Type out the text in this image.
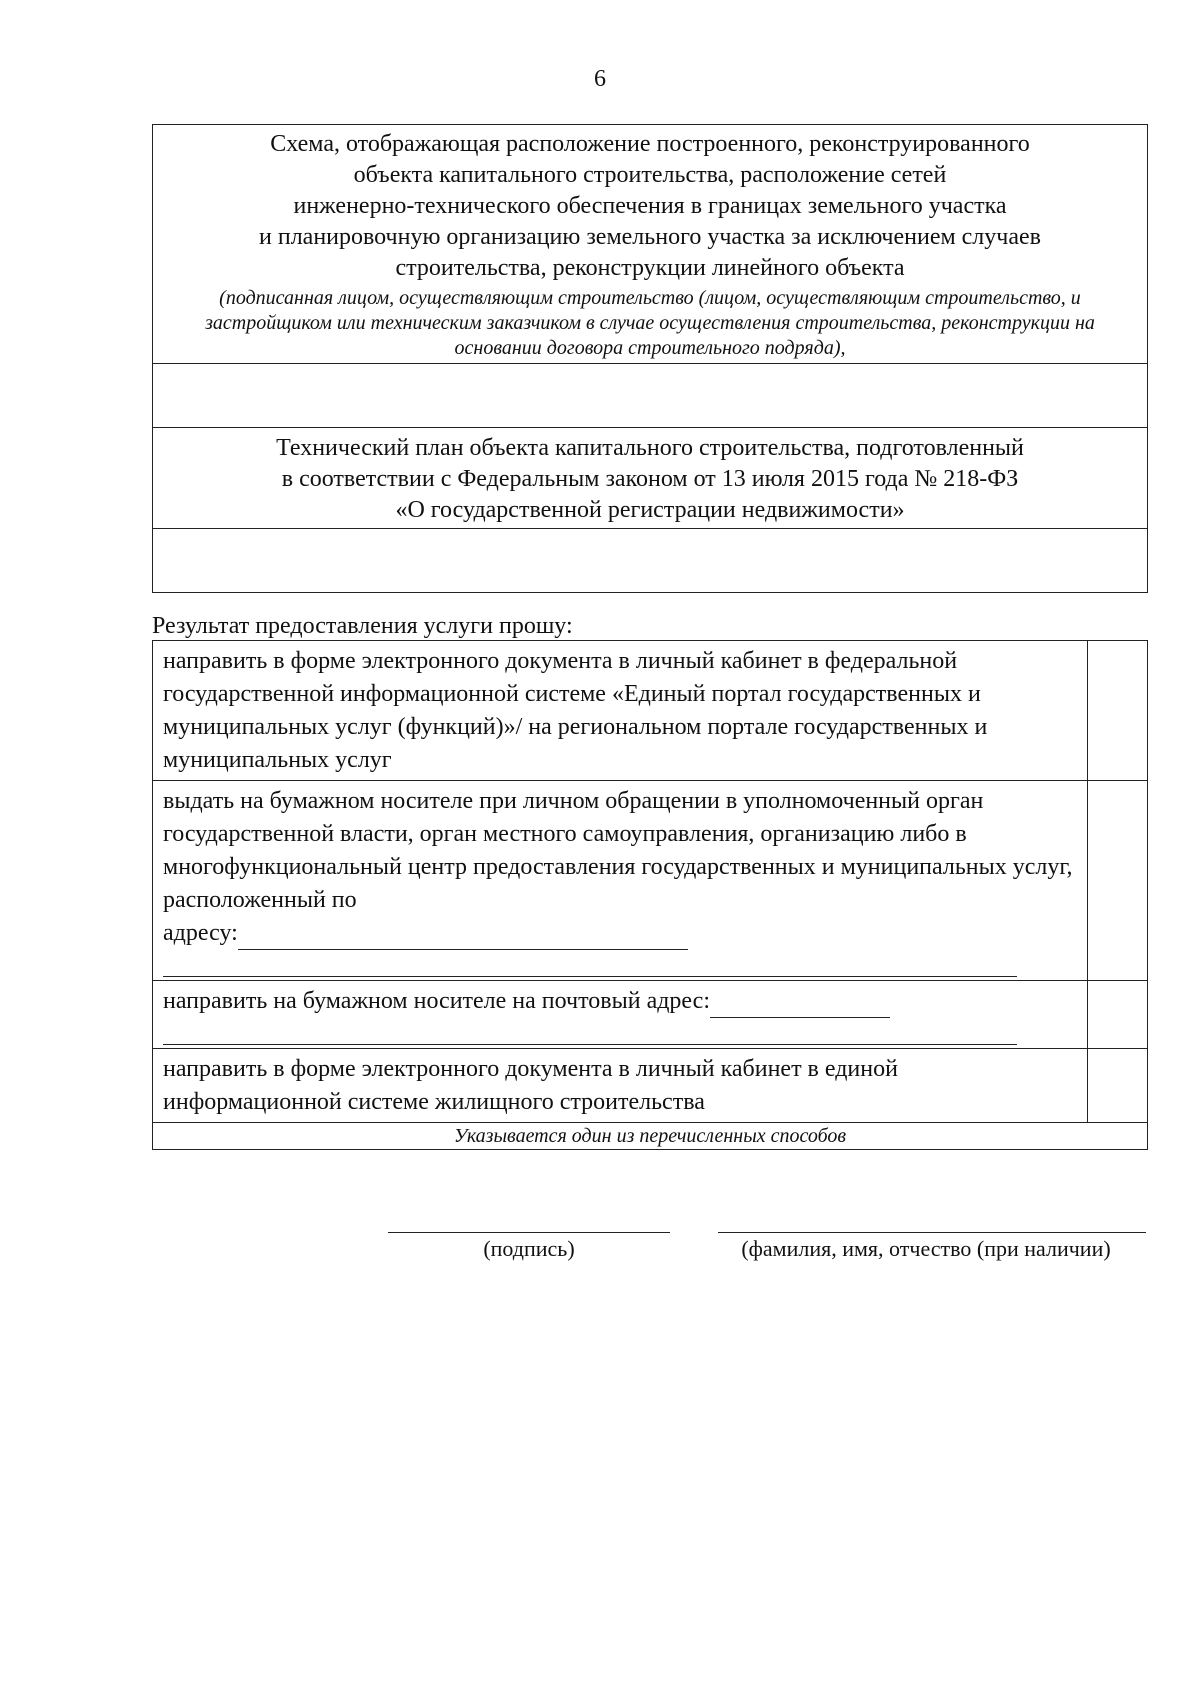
6
Схема, отображающая расположение построенного, реконструированного
объекта капитального строительства, расположение сетей
инженерно-технического обеспечения в границах земельного участка
и планировочную организацию земельного участка за исключением случаев
строительства, реконструкции линейного объекта
(подписанная лицом, осуществляющим строительство (лицом, осуществляющим строительство, и застройщиком или техническим заказчиком в случае осуществления строительства, реконструкции на основании договора строительного подряда),
Технический план объекта капитального строительства, подготовленный
в соответствии с Федеральным законом от 13 июля 2015 года № 218-ФЗ
«О государственной регистрации недвижимости»
Результат предоставления услуги прошу:
направить в форме электронного документа в личный кабинет в федеральной государственной информационной системе «Единый портал государственных и муниципальных услуг (функций)»/ на региональном портале государственных и муниципальных услуг
выдать на бумажном носителе при личном обращении в уполномоченный орган государственной власти, орган местного самоуправления, организацию либо в многофункциональный центр предоставления государственных и муниципальных услуг, расположенный по
адресу:
направить на бумажном носителе на почтовый адрес:
направить в форме электронного документа в личный кабинет в единой информационной системе жилищного строительства
Указывается один из перечисленных способов
(подпись)	(фамилия, имя, отчество (при наличии)
